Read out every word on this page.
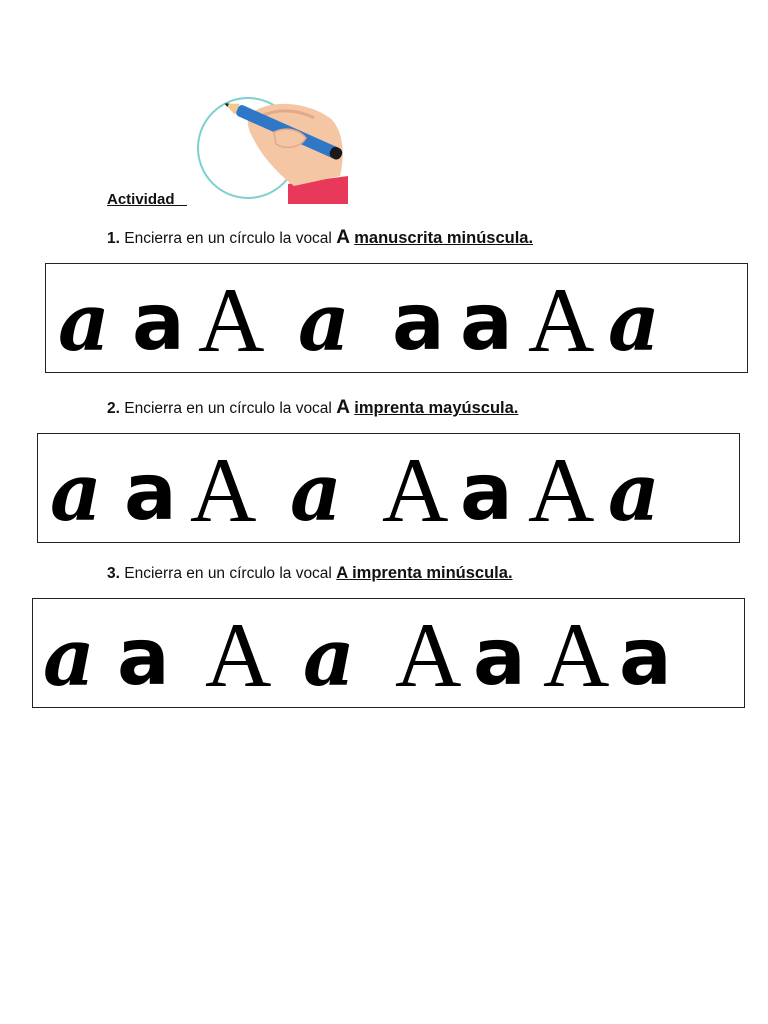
Actividad
1. Encierra en un círculo la vocal A manuscrita minúscula.
a a A a a a A a
2. Encierra en un círculo la vocal A imprenta mayúscula.
a a A a A a A a
3. Encierra en un círculo la vocal A imprenta minúscula.
a a A a A a A a
